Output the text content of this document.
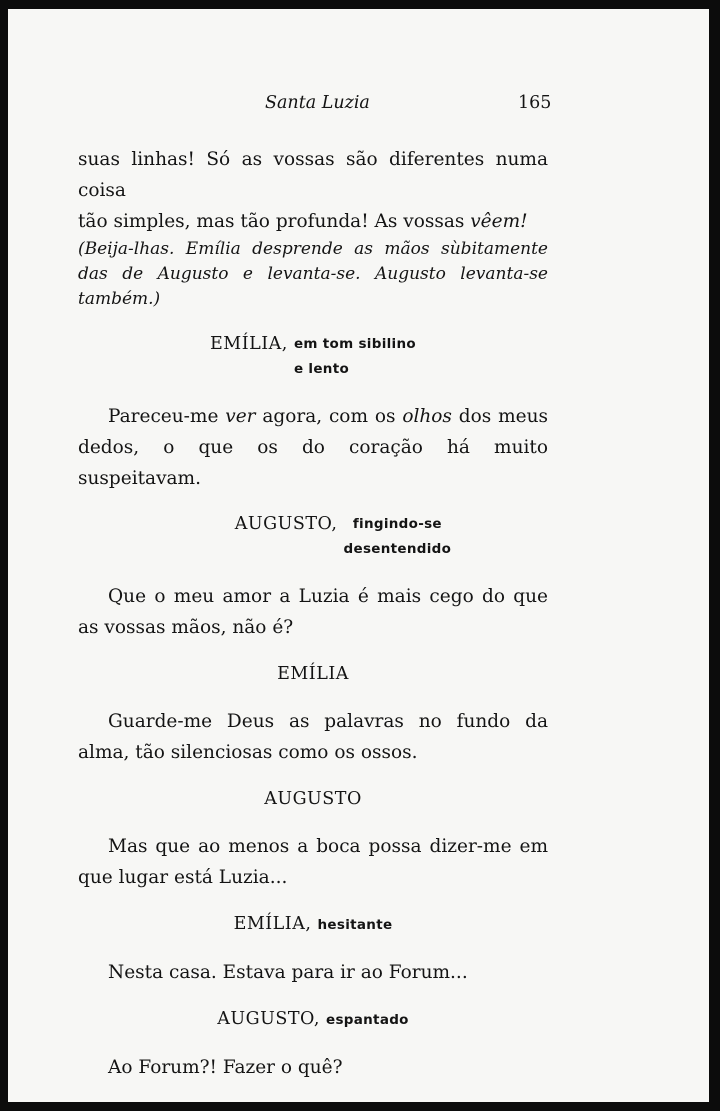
Santa Luzia	165

suas linhas! Só as vossas são diferentes numa coisa
tão simples, mas tão profunda! As vossas vêem!

(Beija-lhas. Emília desprende as mãos sùbitamente das de Augusto e levanta-se. Augusto levanta-se também.)

EMÍLIA, em tom sibilino
e lento

Pareceu-me ver agora, com os olhos dos meus dedos, o que os do coração há muito suspeitavam.

AUGUSTO, fingindo-se
desentendido

Que o meu amor a Luzia é mais cego do que as vossas mãos, não é?

EMÍLIA

Guarde-me Deus as palavras no fundo da alma, tão silenciosas como os ossos.

AUGUSTO

Mas que ao menos a boca possa dizer-me em que lugar está Luzia...

EMÍLIA, hesitante

Nesta casa. Estava para ir ao Forum...

AUGUSTO, espantado

Ao Forum?! Fazer o quê?
